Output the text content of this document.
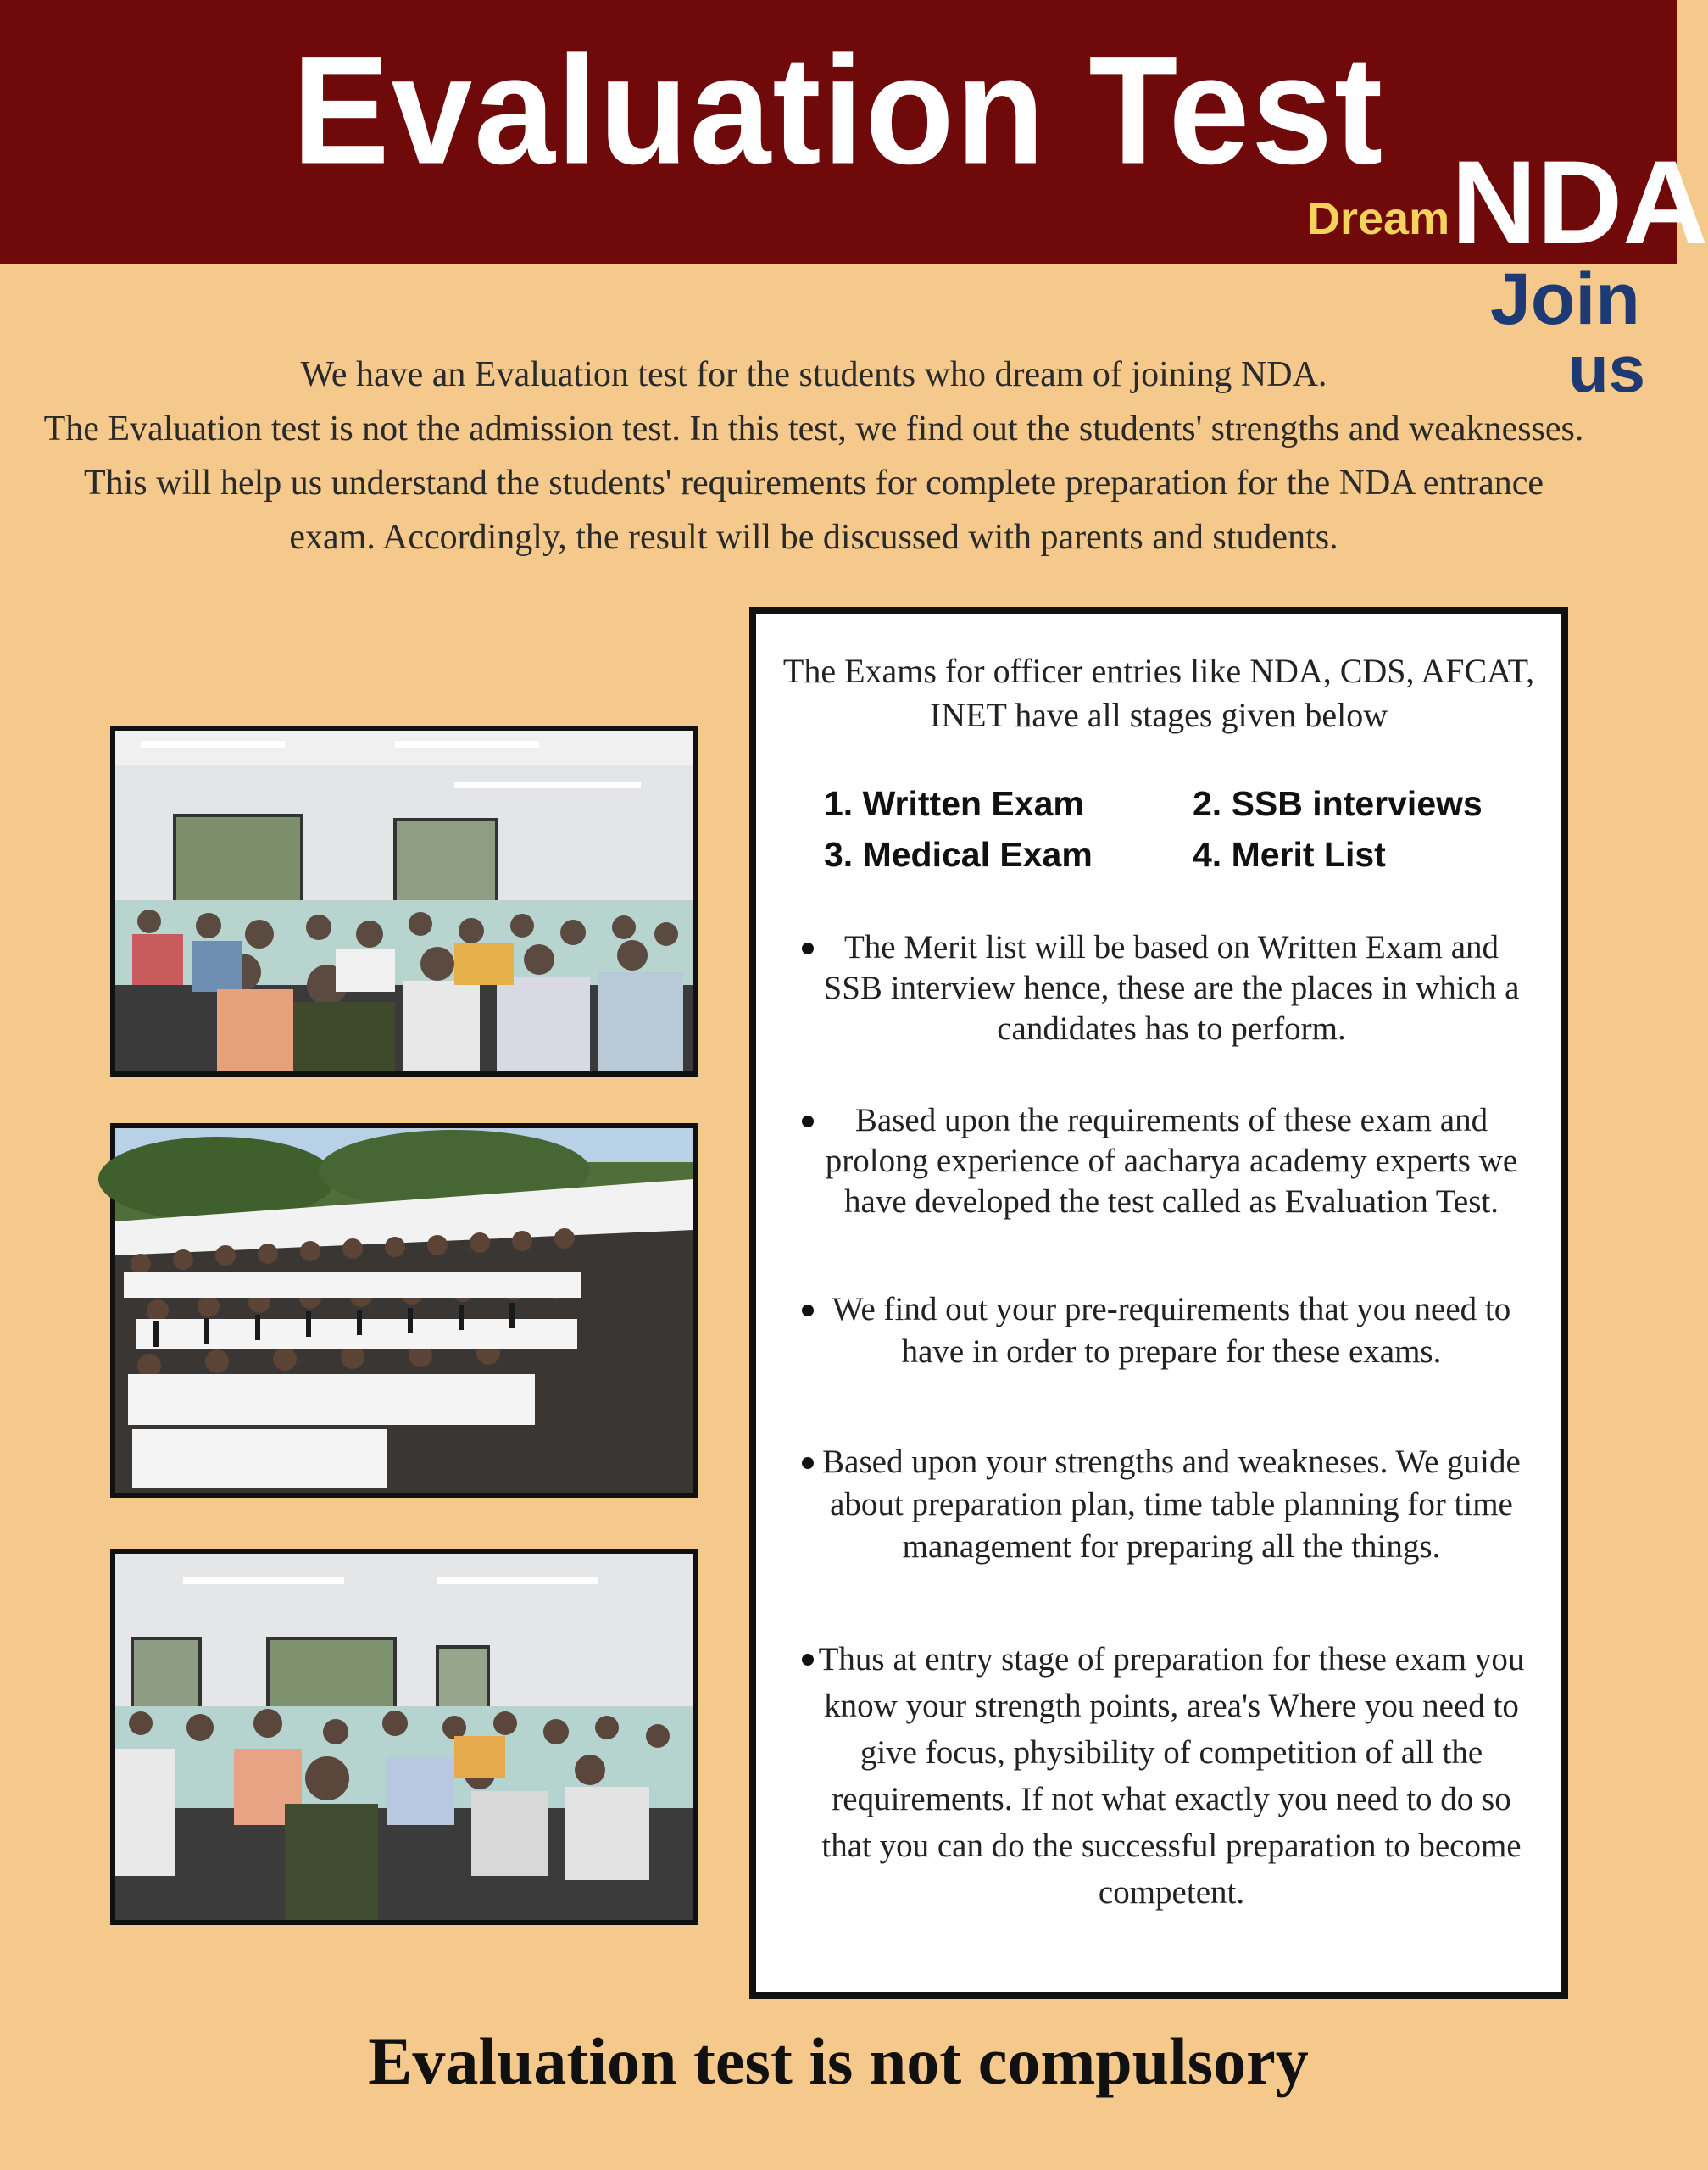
Evaluation Test
Dream NDA
Join
us

We have an Evaluation test for the students who dream of joining NDA.

The Evaluation test is not the admission test. In this test, we find out the students' strengths and weaknesses. This will help us understand the students' requirements for complete preparation for the NDA entrance exam. Accordingly, the result will be discussed with parents and students.

The Exams for officer entries like NDA, CDS, AFCAT, INET have all stages given below
1. Written Exam	2. SSB interviews
3. Medical Exam	4. Merit List
The Merit list will be based on Written Exam and SSB interview hence, these are the places in which a candidates has to perform.
Based upon the requirements of these exam and prolong experience of aacharya academy experts we have developed the test called as Evaluation Test.
We find out your pre-requirements that you need to have in order to prepare for these exams.
Based upon your strengths and weakneses. We guide about preparation plan, time table planning for time management for preparing all the things.
Thus at entry stage of preparation for these exam you know your strength points, area's Where you need to give focus, physibility of competition of all the requirements. If not what exactly you need to do so that you can do the successful preparation to become competent.
Evaluation test is not compulsory
